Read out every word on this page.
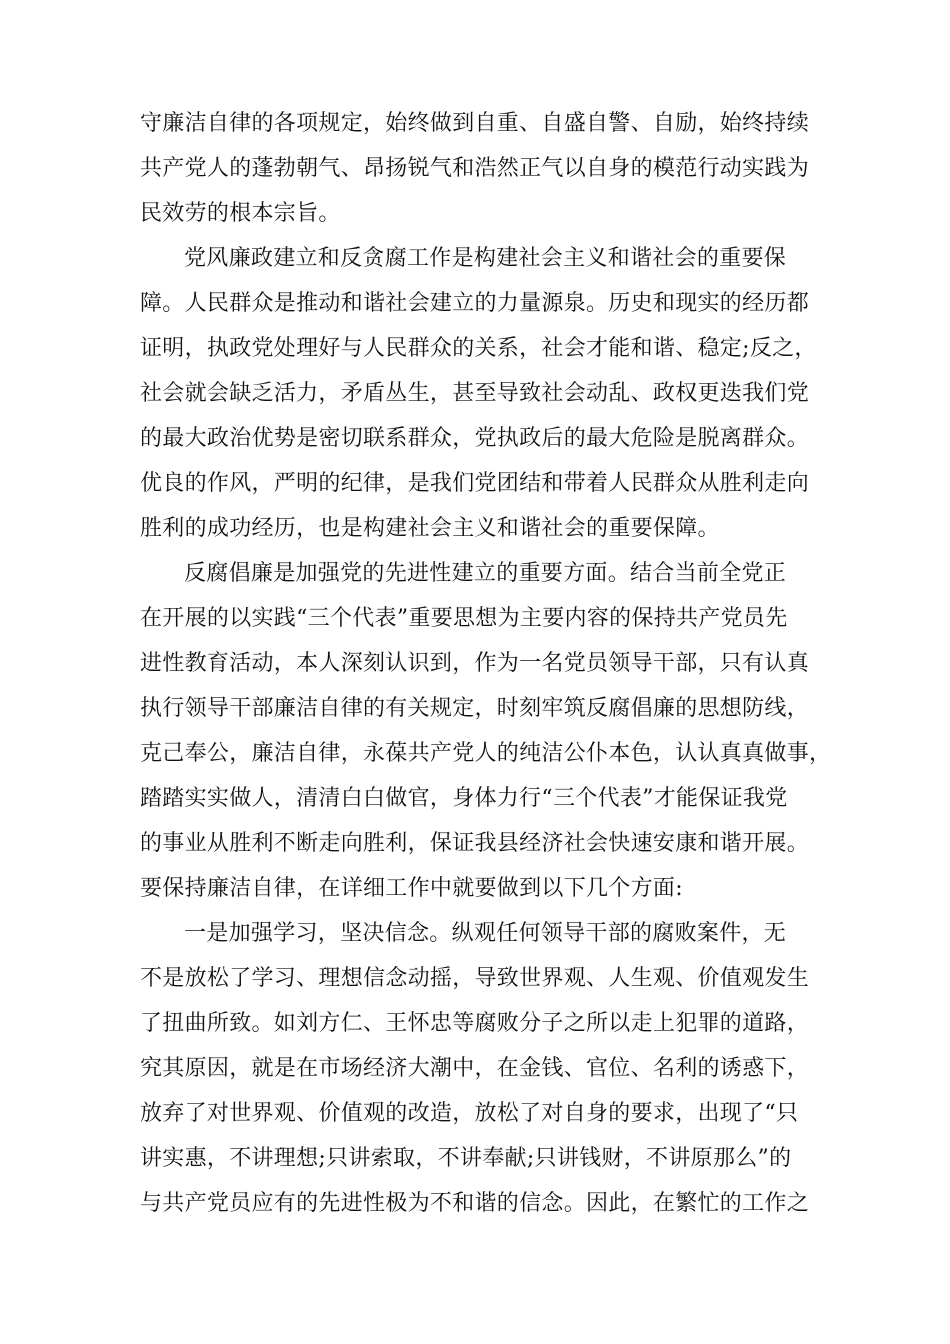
守廉洁自律的各项规定，始终做到自重、自盛自警、自励，始终持续
共产党人的蓬勃朝气、昂扬锐气和浩然正气以自身的模范行动实践为
民效劳的根本宗旨。
党风廉政建立和反贪腐工作是构建社会主义和谐社会的重要保
障。人民群众是推动和谐社会建立的力量源泉。历史和现实的经历都
证明，执政党处理好与人民群众的关系，社会才能和谐、稳定;反之，
社会就会缺乏活力，矛盾丛生，甚至导致社会动乱、政权更迭我们党
的最大政治优势是密切联系群众，党执政后的最大危险是脱离群众。
优良的作风，严明的纪律，是我们党团结和带着人民群众从胜利走向
胜利的成功经历，也是构建社会主义和谐社会的重要保障。
反腐倡廉是加强党的先进性建立的重要方面。结合当前全党正
在开展的以实践“三个代表”重要思想为主要内容的保持共产党员先
进性教育活动，本人深刻认识到，作为一名党员领导干部，只有认真
执行领导干部廉洁自律的有关规定，时刻牢筑反腐倡廉的思想防线，
克己奉公，廉洁自律，永葆共产党人的纯洁公仆本色，认认真真做事，
踏踏实实做人，清清白白做官，身体力行“三个代表”才能保证我党
的事业从胜利不断走向胜利，保证我县经济社会快速安康和谐开展。
要保持廉洁自律，在详细工作中就要做到以下几个方面:
一是加强学习，坚决信念。纵观任何领导干部的腐败案件，无
不是放松了学习、理想信念动摇，导致世界观、人生观、价值观发生
了扭曲所致。如刘方仁、王怀忠等腐败分子之所以走上犯罪的道路，
究其原因，就是在市场经济大潮中，在金钱、官位、名利的诱惑下，
放弃了对世界观、价值观的改造，放松了对自身的要求，出现了“只
讲实惠，不讲理想;只讲索取，不讲奉献;只讲钱财，不讲原那么”的
与共产党员应有的先进性极为不和谐的信念。因此，在繁忙的工作之
